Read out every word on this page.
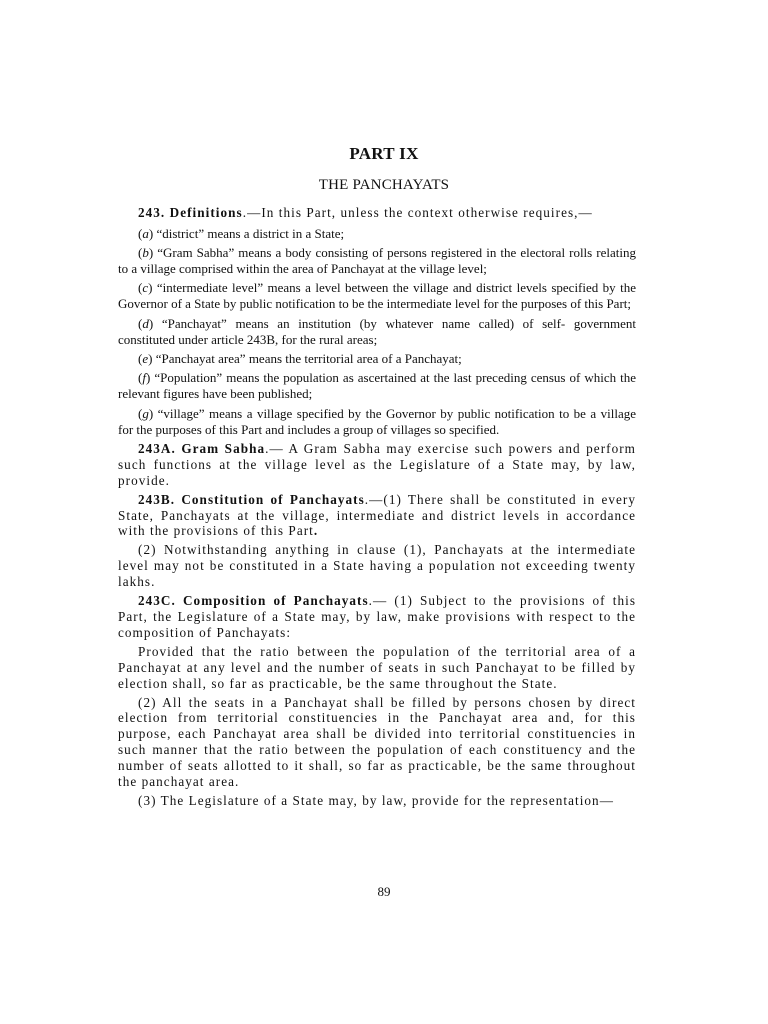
PART IX
THE PANCHAYATS

243. Definitions.—In this Part, unless the context otherwise requires,—

(a) “district” means a district in a State;

(b) “Gram Sabha” means a body consisting of persons registered in the electoral rolls relating to a village comprised within the area of Panchayat at the village level;

(c) “intermediate level” means a level between the village and district levels specified by the Governor of a State by public notification to be the intermediate level for the purposes of this Part;

(d) “Panchayat” means an institution (by whatever name called) of self- government constituted under article 243B, for the rural areas;

(e) “Panchayat area” means the territorial area of a Panchayat;

(f) “Population” means the population as ascertained at the last preceding census of which the relevant figures have been published;

(g) “village” means a village specified by the Governor by public notification to be a village for the purposes of this Part and includes a group of villages so specified.

243A. Gram Sabha.— A Gram Sabha may exercise such powers and perform such functions at the village level as the Legislature of a State may, by law, provide.

243B. Constitution of Panchayats.—(1) There shall be constituted in every State, Panchayats at the village, intermediate and district levels in accordance with the provisions of this Part.

(2) Notwithstanding anything in clause (1), Panchayats at the intermediate level may not be constituted in a State having a population not exceeding twenty lakhs.

243C. Composition of Panchayats.— (1) Subject to the provisions of this Part, the Legislature of a State may, by law, make provisions with respect to the composition of Panchayats:

Provided that the ratio between the population of the territorial area of a Panchayat at any level and the number of seats in such Panchayat to be filled by election shall, so far as practicable, be the same throughout the State.

(2) All the seats in a Panchayat shall be filled by persons chosen by direct election from territorial constituencies in the Panchayat area and, for this purpose, each Panchayat area shall be divided into territorial constituencies in such manner that the ratio between the population of each constituency and the number of seats allotted to it shall, so far as practicable, be the same throughout the panchayat area.

(3) The Legislature of a State may, by law, provide for the representation—

89
